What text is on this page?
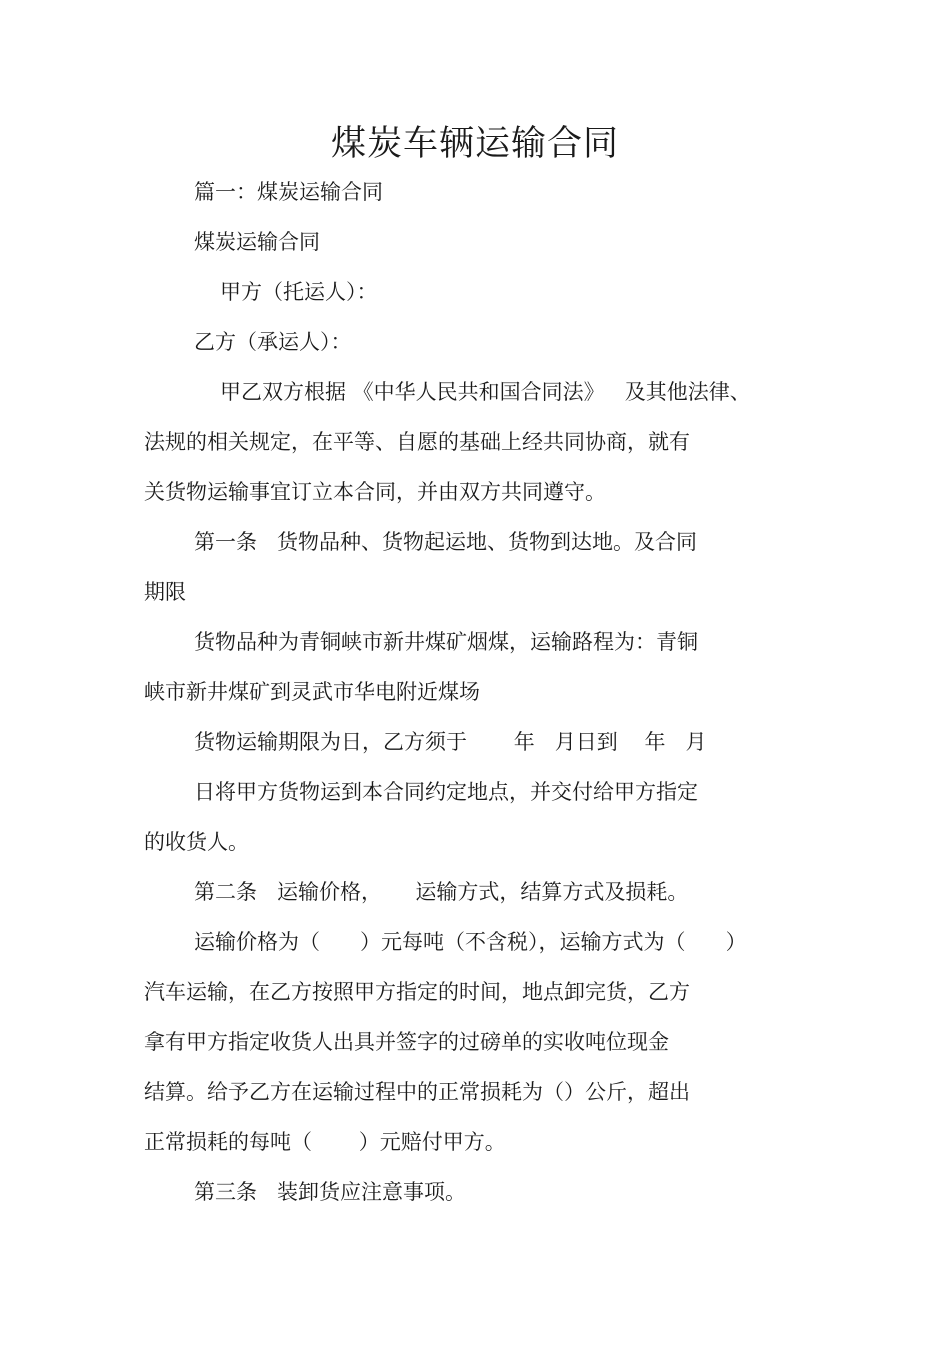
煤炭车辆运输合同

篇一：煤炭运输合同

煤炭运输合同

甲方（托运人）：

乙方（承运人）：

甲乙双方根据 《中华人民共和国合同法》   及其他法律、

法规的相关规定，在平等、自愿的基础上经共同协商，就有

关货物运输事宜订立本合同，并由双方共同遵守。

第一条   货物品种、货物起运地、货物到达地。及合同

期限

货物品种为青铜峡市新井煤矿烟煤，运输路程为：青铜

峡市新井煤矿到灵武市华电附近煤场

货物运输期限为日，乙方须于       年   月日到    年   月

日将甲方货物运到本合同约定地点，并交付给甲方指定

的收货人。

第二条   运输价格，     运输方式，结算方式及损耗。

运输价格为（      ）元每吨（不含税），运输方式为（      ）

汽车运输，在乙方按照甲方指定的时间，地点卸完货，乙方

拿有甲方指定收货人出具并签字的过磅单的实收吨位现金

结算。给予乙方在运输过程中的正常损耗为（）公斤，超出

正常损耗的每吨（       ）元赔付甲方。

第三条   装卸货应注意事项。
